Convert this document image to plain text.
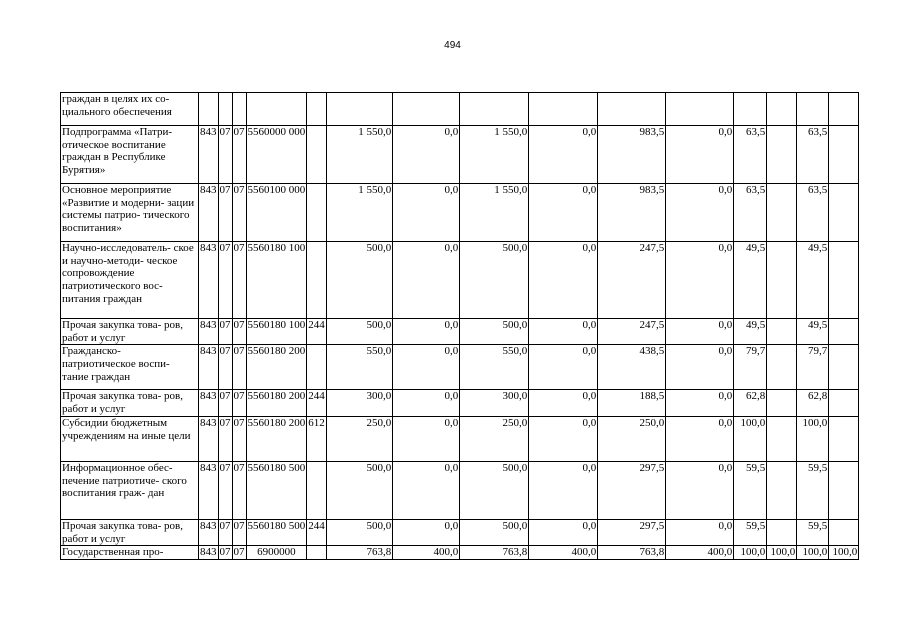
494
граждан в целях их со- циального обеспечения															
Подпрограмма «Патри- отическое воспитание граждан в Республике Бурятия»	843	07	07	5560000 000		1 550,0	0,0	1 550,0	0,0	983,5	0,0	63,5		63,5	
Основное мероприятие «Развитие и модерни- зации системы патрио- тического воспитания»	843	07	07	5560100 000		1 550,0	0,0	1 550,0	0,0	983,5	0,0	63,5		63,5	
Научно-исследователь- ское и научно-методи- ческое сопровождение патриотического вос- питания граждан	843	07	07	5560180 100		500,0	0,0	500,0	0,0	247,5	0,0	49,5		49,5	
Прочая закупка това- ров, работ и услуг	843	07	07	5560180 100	244	500,0	0,0	500,0	0,0	247,5	0,0	49,5		49,5	
Гражданско- патриотическое воспи- тание граждан	843	07	07	5560180 200		550,0	0,0	550,0	0,0	438,5	0,0	79,7		79,7	
Прочая закупка това- ров, работ и услуг	843	07	07	5560180 200	244	300,0	0,0	300,0	0,0	188,5	0,0	62,8		62,8	
Субсидии бюджетным учреждениям на иные цели	843	07	07	5560180 200	612	250,0	0,0	250,0	0,0	250,0	0,0	100,0		100,0	
Информационное обес- печение патриотиче- ского воспитания граж- дан	843	07	07	5560180 500		500,0	0,0	500,0	0,0	297,5	0,0	59,5		59,5	
Прочая закупка това- ров, работ и услуг	843	07	07	5560180 500	244	500,0	0,0	500,0	0,0	297,5	0,0	59,5		59,5	
Государственная про-	843	07	07	6900000		763,8	400,0	763,8	400,0	763,8	400,0	100,0	100,0	100,0	100,0
